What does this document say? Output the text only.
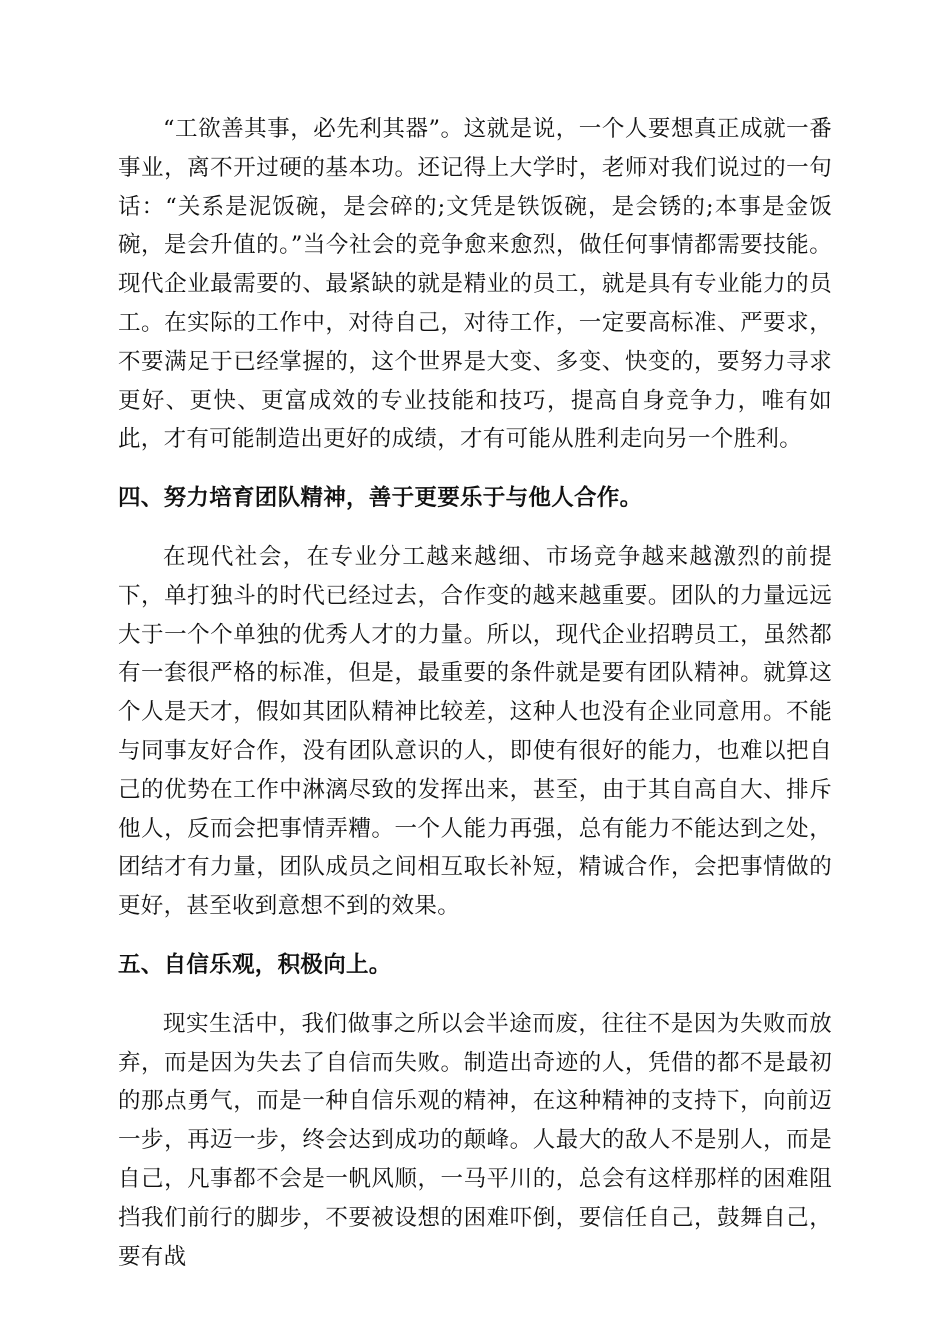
“工欲善其事，必先利其器”。这就是说，一个人要想真正成就一番事业，离不开过硬的基本功。还记得上大学时，老师对我们说过的一句话：“关系是泥饭碗，是会碎的;文凭是铁饭碗，是会锈的;本事是金饭碗，是会升值的。”当今社会的竞争愈来愈烈，做任何事情都需要技能。现代企业最需要的、最紧缺的就是精业的员工，就是具有专业能力的员工。在实际的工作中，对待自己，对待工作，一定要高标准、严要求，不要满足于已经掌握的，这个世界是大变、多变、快变的，要努力寻求更好、更快、更富成效的专业技能和技巧，提高自身竞争力，唯有如此，才有可能制造出更好的成绩，才有可能从胜利走向另一个胜利。

四、努力培育团队精神，善于更要乐于与他人合作。

在现代社会，在专业分工越来越细、市场竞争越来越激烈的前提下，单打独斗的时代已经过去，合作变的越来越重要。团队的力量远远大于一个个单独的优秀人才的力量。所以，现代企业招聘员工，虽然都有一套很严格的标准，但是，最重要的条件就是要有团队精神。就算这个人是天才，假如其团队精神比较差，这种人也没有企业同意用。不能与同事友好合作，没有团队意识的人，即使有很好的能力，也难以把自己的优势在工作中淋漓尽致的发挥出来，甚至，由于其自高自大、排斥他人，反而会把事情弄糟。一个人能力再强，总有能力不能达到之处，团结才有力量，团队成员之间相互取长补短，精诚合作，会把事情做的更好，甚至收到意想不到的效果。

五、自信乐观，积极向上。

现实生活中，我们做事之所以会半途而废，往往不是因为失败而放弃，而是因为失去了自信而失败。制造出奇迹的人，凭借的都不是最初的那点勇气，而是一种自信乐观的精神，在这种精神的支持下，向前迈一步，再迈一步，终会达到成功的颠峰。人最大的敌人不是别人，而是自己，凡事都不会是一帆风顺，一马平川的，总会有这样那样的困难阻挡我们前行的脚步，不要被设想的困难吓倒，要信任自己，鼓舞自己，要有战
